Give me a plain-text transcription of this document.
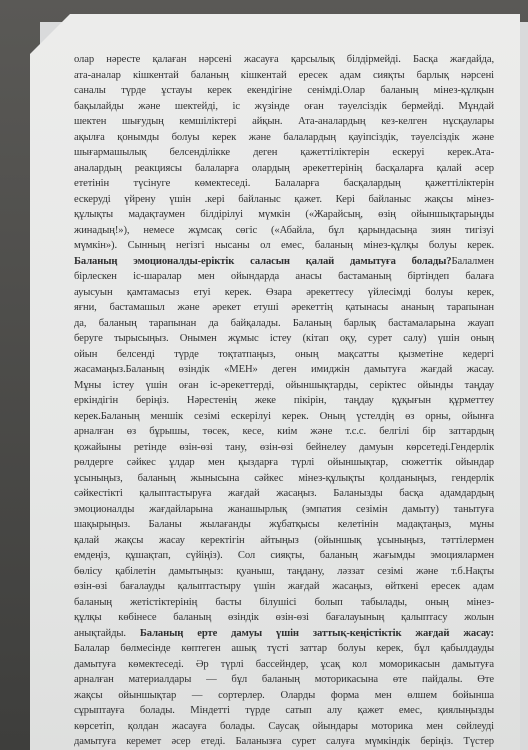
олар нәресте қалаған нәрсені жасауға қарсылық білдірмейді. Басқа жағдайда,
ата-аналар кішкентай баланың кішкентай ересек адам сияқты барлық нәрсені
саналы түрде ұстауы керек екендігіне сенімді.Олар баланың мінез-құлқын
бақылайды және шектейді, іс жүзінде оған тәуелсіздік бермейді. Мұндай
шектен шығудың кемшіліктері айқын. Ата-аналардың кез-келген нұсқаулары
ақылға қонымды болуы керек және балалардың қауіпсіздік, тәуелсіздік және
шығармашылық белсенділікке деген қажеттіліктерін ескеруі керек.Ата-
аналардың реакциясы балаларға олардың әрекеттерінің басқаларға қалай әсер
ететінін түсінуге көмектеседі. Балаларға басқалардың қажеттіліктерін
ескеруді үйрену үшін .кері байланыс қажет. Кері байланыс жақсы мінез-
құлықты мадақтаумен білдірілуі мүмкін («Жарайсың, өзің ойыншықтарыңды
жинадың!»), немесе жұмсақ сөгіс («Абайла, бұл қарындасыңа зиян тигізуі
мүмкін»). Сынның негізгі нысаны ол емес, баланың мінез-құлқы болуы керек.
Баланың эмоционалды-еріктік саласын қалай дамытуға болады?Балалмен
бірлескен іс-шаралар мен ойындарда анасы бастаманың біртіндеп балаға
ауысуын қамтамасыз етуі керек. Өзара әрекеттесу үйлесімді болуы керек,
яғни, бастамашыл және әрекет етуші әрекеттің қатынасы ананың тарапынан
да, баланың тарапынан да байқалады. Баланың барлық бастамаларына жауап
беруге тырысыңыз. Онымен жұмыс істеу (кітап оқу, сурет салу) үшін оның
ойын белсенді түрде тоқтатпаңыз, оның мақсатты қызметіне кедергі
жасамаңыз.Баланың өзіндік «МЕН» деген имиджін дамытуға жағдай жасау.
Мұны істеу үшін оған іс-әрекеттерді, ойыншықтарды, серіктес ойынды таңдау
еркіндігін беріңіз. Нәрестенің жеке пікірін, таңдау құқығын құрметтеу
керек.Баланың меншік сезімі ескерілуі керек. Оның үстелдің өз орны, ойынға
арналған өз бұрышы, төсек, кесе, киім және т.с.с. белгілі бір заттардың
қожайыны ретінде өзін-өзі тану, өзін-өзі бейнелеу дамуын көрсетеді.Гендерлік
рөлдерге сәйкес ұлдар мен қыздарға түрлі ойыншықтар, сюжеттік ойындар
ұсыныңыз, баланың жынысына сәйкес мінез-құлықты қолданыңыз, гендерлік
сәйкестікті қалыптастыруға жағдай жасаңыз. Баланызды басқа адамдардың
эмоционалды жағдайларына жанашырлық (эмпатия сезімін дамыту) танытуға
шақырыңыз. Баланы жылағанды жұбатқысы келетінін мадақтаңыз, мұны
қалай жақсы жасау керектігін айтыңыз (ойыншық ұсыныңыз, тәттілермен
емдеңіз, құшақтап, сүйіңіз). Сол сияқты, баланың жағымды эмоциялармен
бөлісу қабілетін дамытыңыз: қуаныш, таңдану, ләззат сезімі және т.б.Нақты
өзін-өзі бағалауды қалыптастыру үшін жағдай жасаңыз, өйткені ересек адам
баланың жетістіктерінің басты білушісі болып табылады, оның мінез-
құлқы көбінесе баланың өзіндік өзін-өзі бағалауының қалыптасу жолын
анықтайды. Баланың ерте дамуы үшін заттық-кеңістіктік жағдай жасау:
Балалар бөлмесінде көптеген ашық түсті заттар болуы керек, бұл қабылдауды
дамытуға көмектеседі. Әр түрлі бассейндер, ұсақ кол моморикасын дамытуға
арналған материалдары — бұл баланың моторикасына өте пайдалы. Өте
жақсы ойыншықтар — сортерлер. Оларды форма мен өлшем бойынша
сұрыптауға болады. Міндетті түрде сатып алу қажет емес, қиялыңызды
көрсетіп, қолдан жасауға болады. Саусақ ойындары моторика мен сөйлеуді
дамытуға керемет әсер етеді. Баланызға сурет салуға мүмкіндік беріңіз. Түстер
